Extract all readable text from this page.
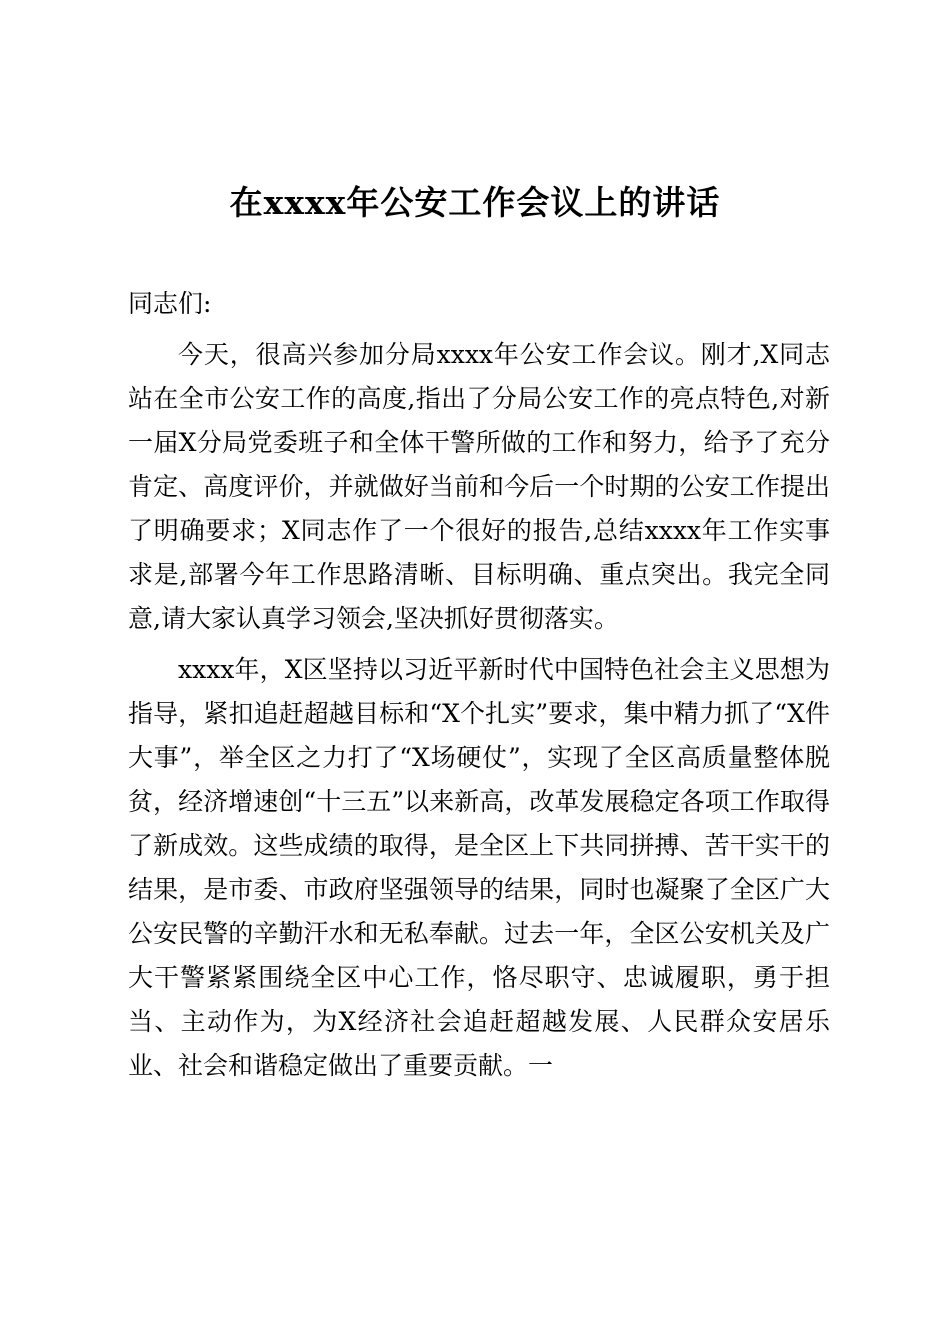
在xxxx年公安工作会议上的讲话

同志们:

今天，很高兴参加分局xxxx年公安工作会议。刚才,X同志站在全市公安工作的高度,指出了分局公安工作的亮点特色,对新一届X分局党委班子和全体干警所做的工作和努力，给予了充分肯定、高度评价，并就做好当前和今后一个时期的公安工作提出了明确要求；X同志作了一个很好的报告,总结xxxx年工作实事求是,部署今年工作思路清晰、目标明确、重点突出。我完全同意,请大家认真学习领会,坚决抓好贯彻落实。

xxxx年，X区坚持以习近平新时代中国特色社会主义思想为指导，紧扣追赶超越目标和“X个扎实”要求，集中精力抓了“X件大事”，举全区之力打了“X场硬仗”，实现了全区高质量整体脱贫，经济增速创“十三五”以来新高，改革发展稳定各项工作取得了新成效。这些成绩的取得，是全区上下共同拼搏、苦干实干的结果，是市委、市政府坚强领导的结果，同时也凝聚了全区广大公安民警的辛勤汗水和无私奉献。过去一年，全区公安机关及广大干警紧紧围绕全区中心工作，恪尽职守、忠诚履职，勇于担当、主动作为，为X经济社会追赶超越发展、人民群众安居乐业、社会和谐稳定做出了重要贡献。一
